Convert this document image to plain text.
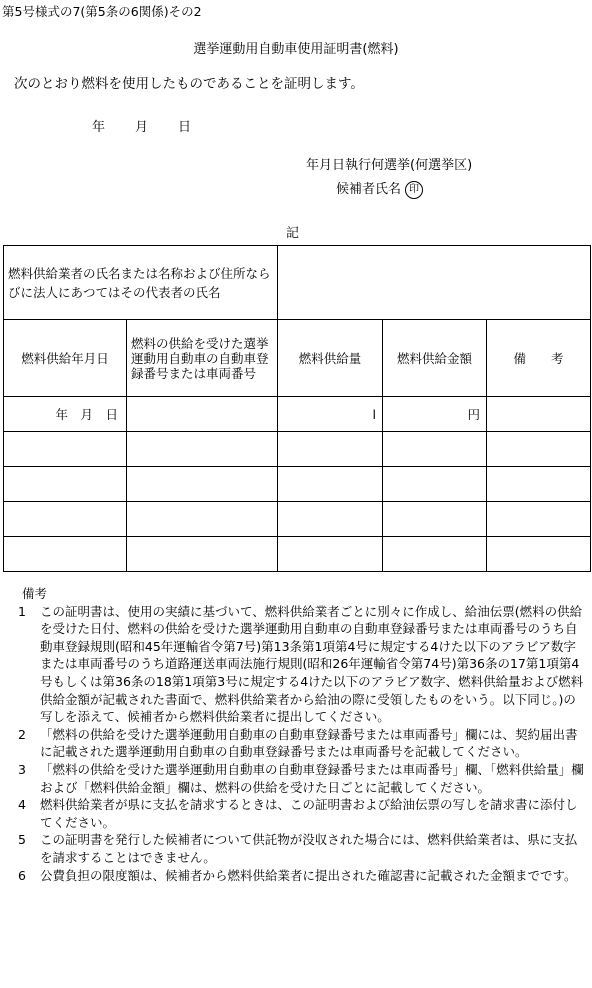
第5号様式の7(第5条の6関係)その2
選挙運動用自動車使用証明書(燃料)
次のとおり燃料を使用したものであることを証明します。
年 月 日
年月日執行何選挙(何選挙区)
候補者氏名 印
記
燃料供給業者の氏名または名称および住所ならびに法人にあつてはその代表者の氏名				
燃料供給年月日	燃料の供給を受けた選挙運動用自動車の自動車登録番号または車両番号	燃料供給量	燃料供給金額	備　　考
年　月　日		l	円	

備考
1 この証明書は、使用の実績に基づいて、燃料供給業者ごとに別々に作成し、給油伝票(燃料の供給を受けた日付、燃料の供給を受けた選挙運動用自動車の自動車登録番号または車両番号のうち自動車登録規則(昭和45年運輸省令第7号)第13条第1項第4号に規定する4けた以下のアラビア数字または車両番号のうち道路運送車両法施行規則(昭和26年運輸省令第74号)第36条の17第1項第4号もしくは第36条の18第1項第3号に規定する4けた以下のアラビア数字、燃料供給量および燃料供給金額が記載された書面で、燃料供給業者から給油の際に受領したものをいう。以下同じ。)の写しを添えて、候補者から燃料供給業者に提出してください。
2 「燃料の供給を受けた選挙運動用自動車の自動車登録番号または車両番号」欄には、契約届出書に記載された選挙運動用自動車の自動車登録番号または車両番号を記載してください。
3 「燃料の供給を受けた選挙運動用自動車の自動車登録番号または車両番号」欄、「燃料供給量」欄および「燃料供給金額」欄は、燃料の供給を受けた日ごとに記載してください。
4 燃料供給業者が県に支払を請求するときは、この証明書および給油伝票の写しを請求書に添付してください。
5 この証明書を発行した候補者について供託物が没収された場合には、燃料供給業者は、県に支払を請求することはできません。
6 公費負担の限度額は、候補者から燃料供給業者に提出された確認書に記載された金額までです。
